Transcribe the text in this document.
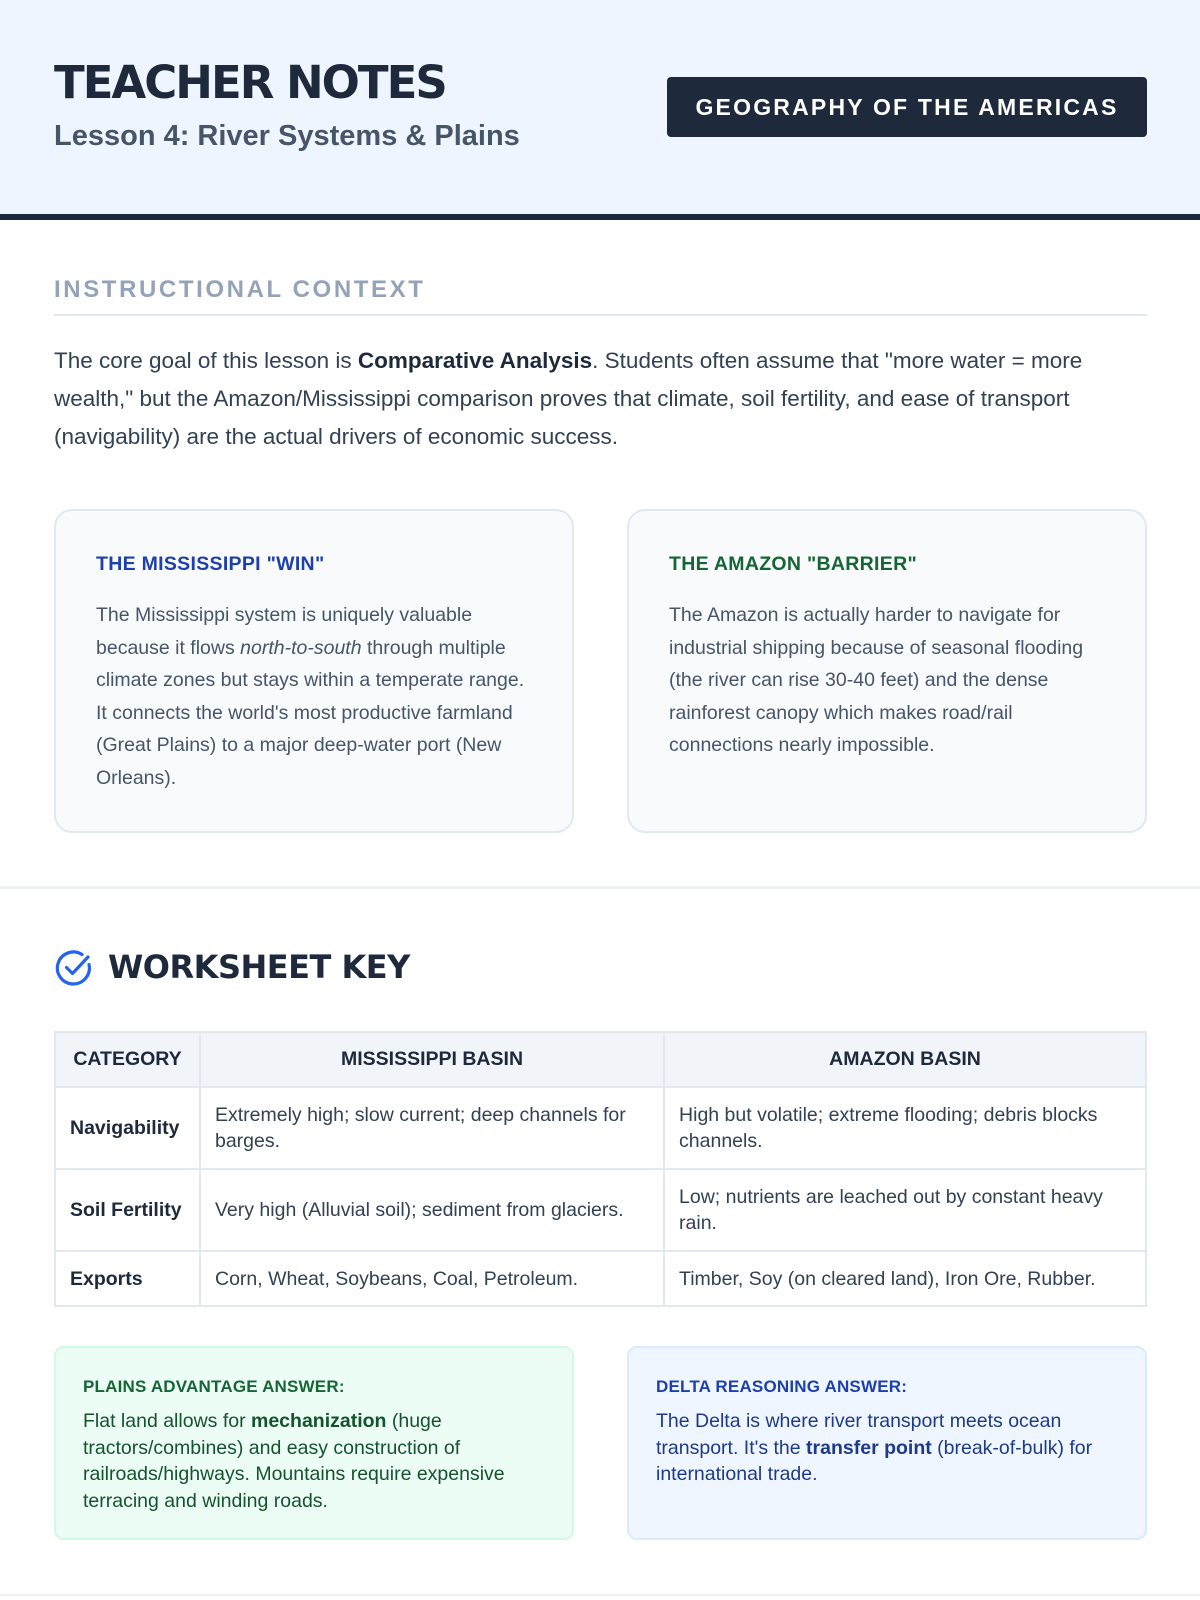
TEACHER NOTES
Lesson 4: River Systems & Plains
GEOGRAPHY OF THE AMERICAS
INSTRUCTIONAL CONTEXT

The core goal of this lesson is Comparative Analysis. Students often assume that "more water = more wealth," but the Amazon/Mississippi comparison proves that climate, soil fertility, and ease of transport (navigability) are the actual drivers of economic success.

THE MISSISSIPPI "WIN"

The Mississippi system is uniquely valuable because it flows north-to-south through multiple climate zones but stays within a temperate range. It connects the world's most productive farmland (Great Plains) to a major deep-water port (New Orleans).

THE AMAZON "BARRIER"

The Amazon is actually harder to navigate for industrial shipping because of seasonal flooding (the river can rise 30-40 feet) and the dense rainforest canopy which makes road/rail connections nearly impossible.

WORKSHEET KEY
CATEGORY	MISSISSIPPI BASIN	AMAZON BASIN
Navigability	Extremely high; slow current; deep channels for barges.	High but volatile; extreme flooding; debris blocks channels.
Soil Fertility	Very high (Alluvial soil); sediment from glaciers.	Low; nutrients are leached out by constant heavy rain.
Exports	Corn, Wheat, Soybeans, Coal, Petroleum.	Timber, Soy (on cleared land), Iron Ore, Rubber.
PLAINS ADVANTAGE ANSWER:

Flat land allows for mechanization (huge tractors/combines) and easy construction of railroads/highways. Mountains require expensive terracing and winding roads.

DELTA REASONING ANSWER:

The Delta is where river transport meets ocean transport. It's the transfer point (break-of-bulk) for international trade.
